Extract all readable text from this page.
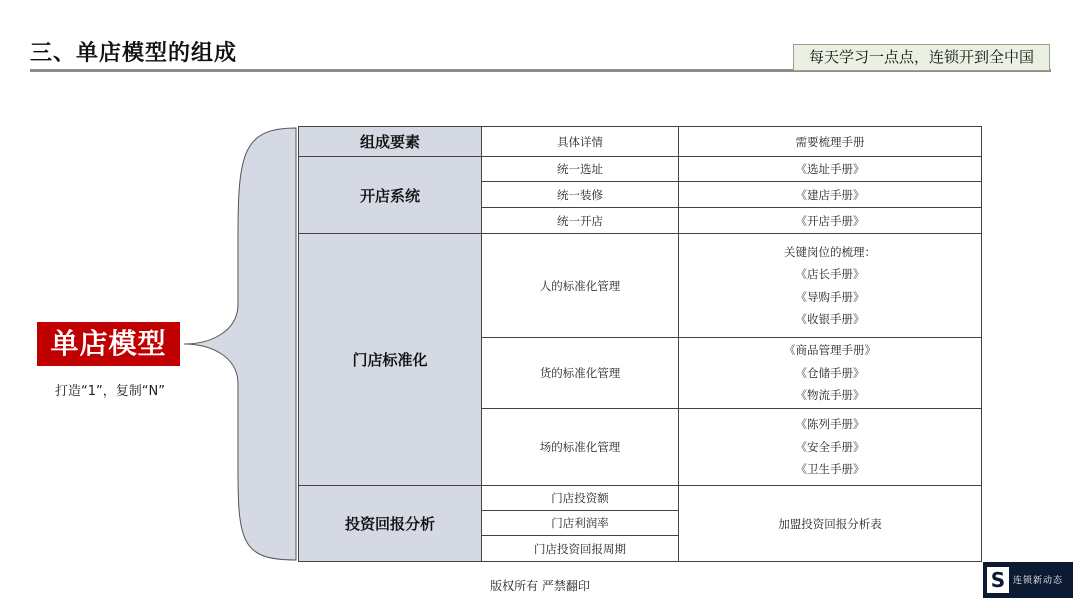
三、单店模型的组成	每天学习一点点，连锁开到全中国
单店模型
打造“1”，复制“N”
组成要素	具体详情	需要梳理手册
开店系统	统一选址	《选址手册》
	统一装修	《建店手册》
	统一开店	《开店手册》
门店标准化	人的标准化管理	关键岗位的梳理：
《店长手册》
《导购手册》
《收银手册》

	货的标准化管理	《商品管理手册》
《仓储手册》
《物流手册》

	场的标准化管理	《陈列手册》
《安全手册》
《卫生手册》

投资回报分析	门店投资额	加盟投资回报分析表
	门店利润率	
	门店投资回报周期	
版权所有 严禁翻印	S 连锁新动态
